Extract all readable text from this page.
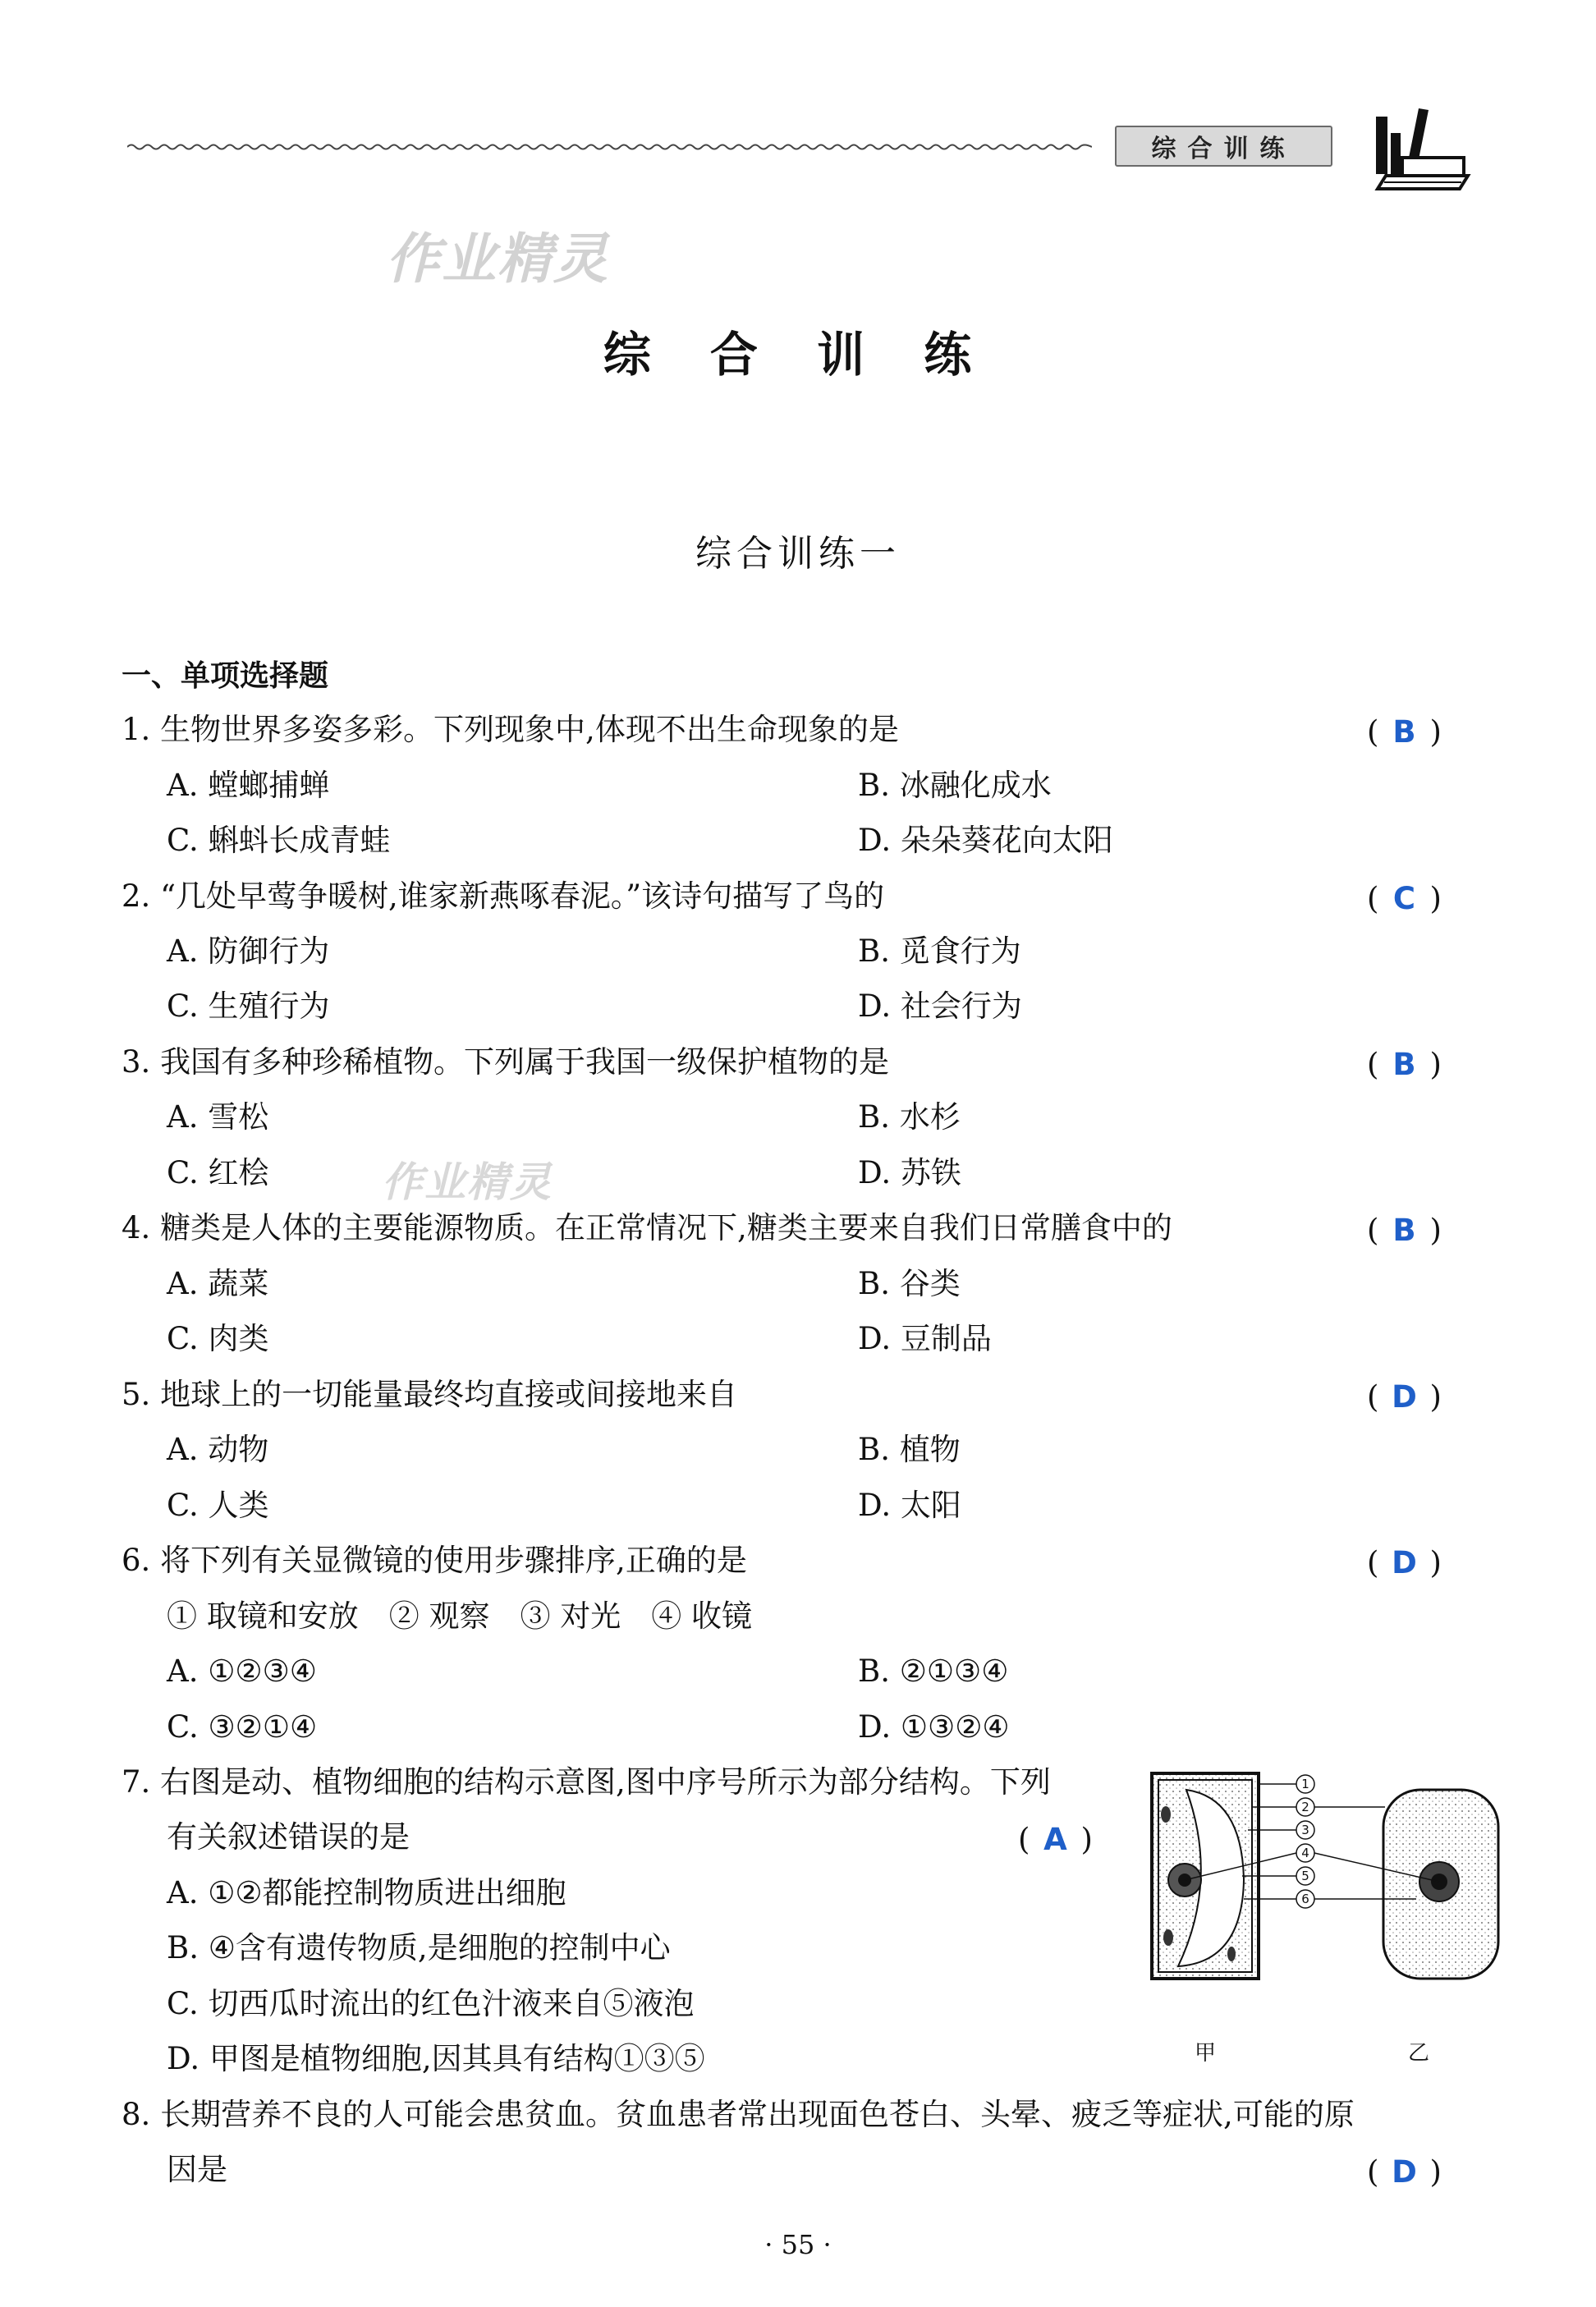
综合训练
作业精灵
作业精灵
综 合 训 练
综合训练一
一、单项选择题
1. 生物世界多姿多彩。下列现象中,体现不出生命现象的是	( B )
A. 螳螂捕蝉	B. 冰融化成水
C. 蝌蚪长成青蛙	D. 朵朵葵花向太阳
2. “几处早莺争暖树,谁家新燕啄春泥。”该诗句描写了鸟的	( C )
A. 防御行为	B. 觅食行为
C. 生殖行为	D. 社会行为
3. 我国有多种珍稀植物。下列属于我国一级保护植物的是	( B )
A. 雪松	B. 水杉
C. 红桧	D. 苏铁
4. 糖类是人体的主要能源物质。在正常情况下,糖类主要来自我们日常膳食中的	( B )
A. 蔬菜	B. 谷类
C. 肉类	D. 豆制品
5. 地球上的一切能量最终均直接或间接地来自	( D )
A. 动物	B. 植物
C. 人类	D. 太阳
6. 将下列有关显微镜的使用步骤排序,正确的是	( D )
① 取镜和安放　② 观察　③ 对光　④ 收镜
A. ①②③④	B. ②①③④
C. ③②①④	D. ①③②④
7. 右图是动、植物细胞的结构示意图,图中序号所示为部分结构。下列
有关叙述错误的是	( A )
A. ①②都能控制物质进出细胞
B. ④含有遗传物质,是细胞的控制中心
C. 切西瓜时流出的红色汁液来自⑤液泡
D. 甲图是植物细胞,因其具有结构①③⑤
1
2
3
4
5
6
甲	乙
8. 长期营养不良的人可能会患贫血。贫血患者常出现面色苍白、头晕、疲乏等症状,可能的原
因是	( D )
· 55 ·
